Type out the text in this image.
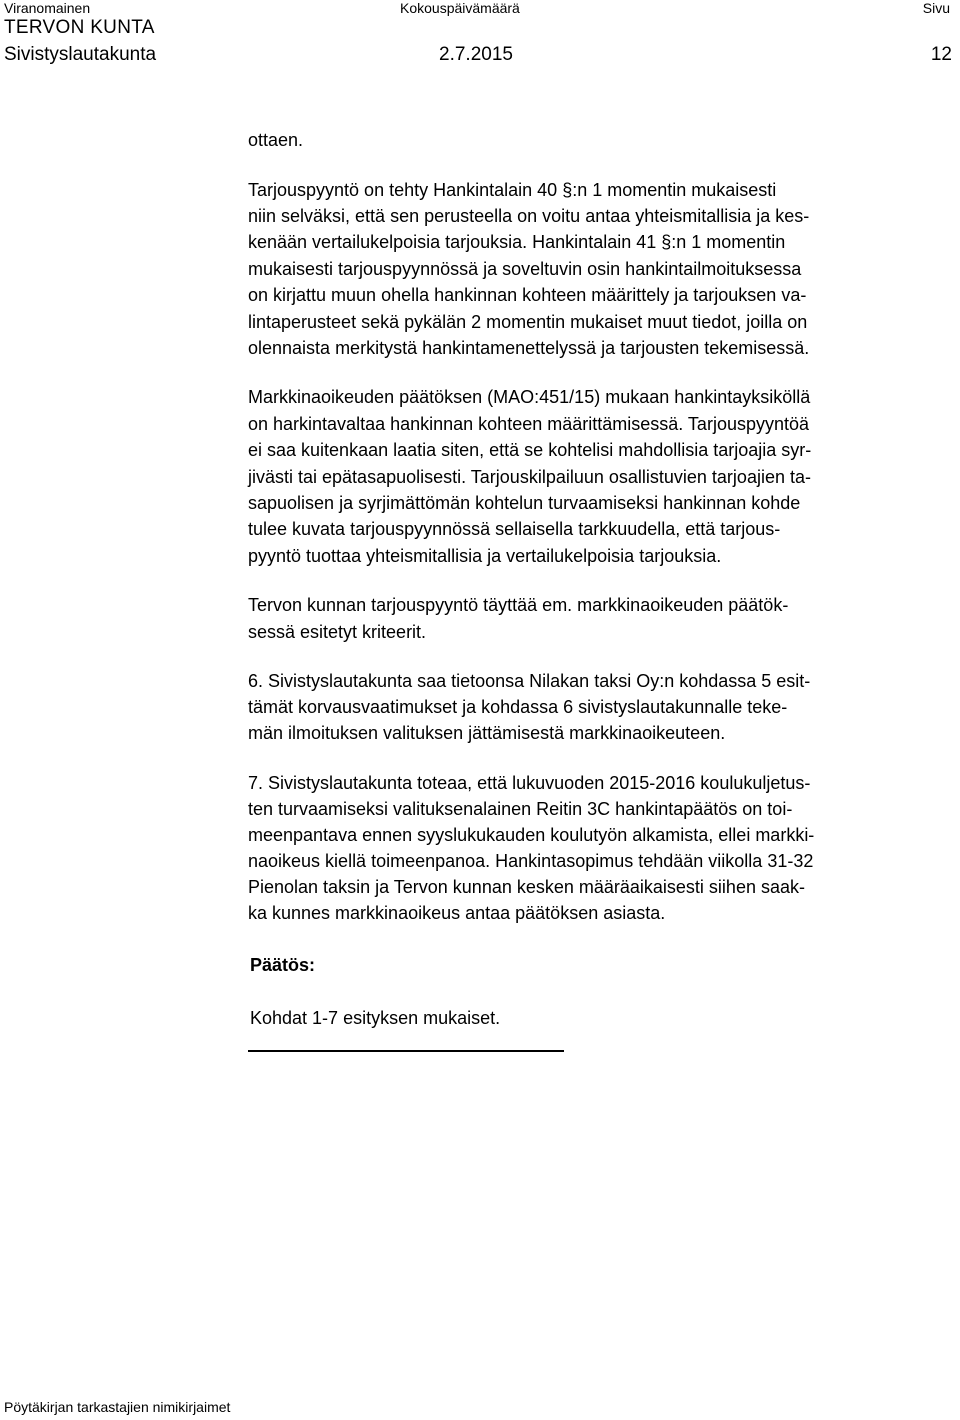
Viranomainen	Kokouspäivämäärä	Sivu
TERVON KUNTA
Sivistyslautakunta	2.7.2015	12
ottaen.
Tarjouspyyntö on tehty Hankintalain 40 §:n 1 momentin mukaisesti
niin selväksi, että sen perusteella on voitu antaa yhteismitallisia ja kes-
kenään vertailukelpoisia tarjouksia. Hankintalain 41 §:n 1 momentin
mukaisesti tarjouspyynnössä ja soveltuvin osin hankintailmoituksessa
on kirjattu muun ohella hankinnan kohteen määrittely ja tarjouksen va-
lintaperusteet sekä pykälän 2 momentin mukaiset muut tiedot, joilla on
olennaista merkitystä hankintamenettelyssä ja tarjousten tekemisessä.
Markkinaoikeuden päätöksen (MAO:451/15) mukaan hankintayksiköllä
on harkintavaltaa hankinnan kohteen määrittämisessä. Tarjouspyyntöä
ei saa kuitenkaan laatia siten, että se kohtelisi mahdollisia tarjoajia syr-
jivästi tai epätasapuolisesti. Tarjouskilpailuun osallistuvien tarjoajien ta-
sapuolisen ja syrjimättömän kohtelun turvaamiseksi hankinnan kohde
tulee kuvata tarjouspyynnössä sellaisella tarkkuudella, että tarjous-
pyyntö tuottaa yhteismitallisia ja vertailukelpoisia tarjouksia.
Tervon kunnan tarjouspyyntö täyttää em. markkinaoikeuden päätök-
sessä esitetyt kriteerit.
6. Sivistyslautakunta saa tietoonsa Nilakan taksi Oy:n kohdassa 5 esit-
tämät korvausvaatimukset ja kohdassa 6 sivistyslautakunnalle teke-
män ilmoituksen valituksen jättämisestä markkinaoikeuteen.
7. Sivistyslautakunta toteaa, että lukuvuoden 2015-2016 koulukuljetus-
ten turvaamiseksi valituksenalainen Reitin 3C hankintapäätös on toi-
meenpantava ennen syyslukukauden koulutyön alkamista, ellei markki-
naoikeus kiellä toimeenpanoa. Hankintasopimus tehdään viikolla 31-32
Pienolan taksin ja Tervon kunnan kesken määräaikaisesti siihen saak-
ka kunnes markkinaoikeus antaa päätöksen asiasta.
Päätös:
Kohdat 1-7 esityksen mukaiset.
Pöytäkirjan tarkastajien nimikirjaimet
